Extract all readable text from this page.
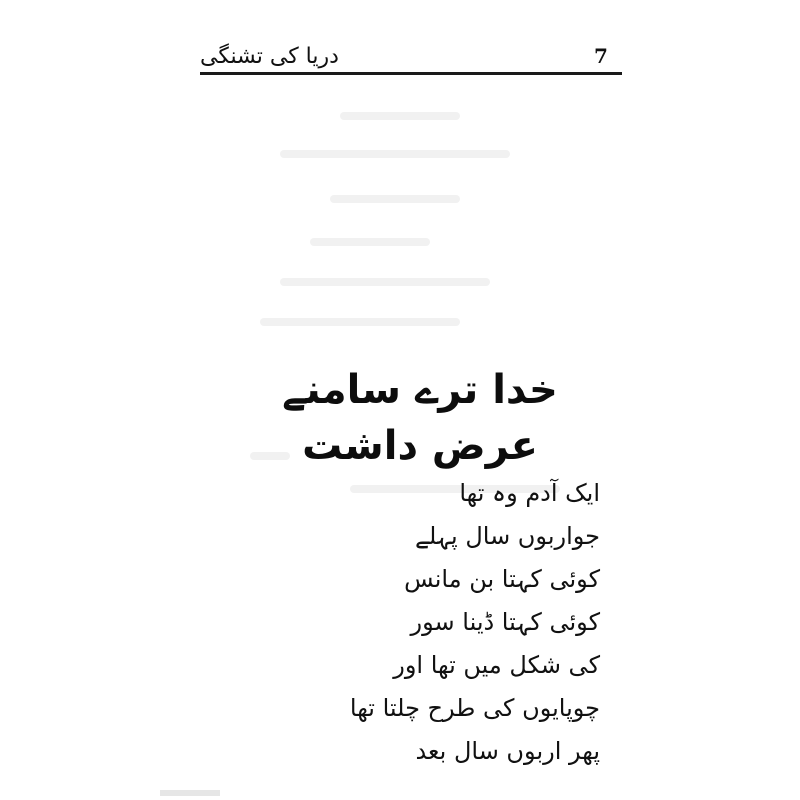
دریا کی تشنگی	7
خدا ترے سامنے عرض داشت
ایک آدم وہ تھا
جواربوں سال پہلے
کوئی کہتا بن مانس
کوئی کہتا ڈینا سور
کی شکل میں تھا اور
چوپایوں کی طرح چلتا تھا
پھر اربوں سال بعد
